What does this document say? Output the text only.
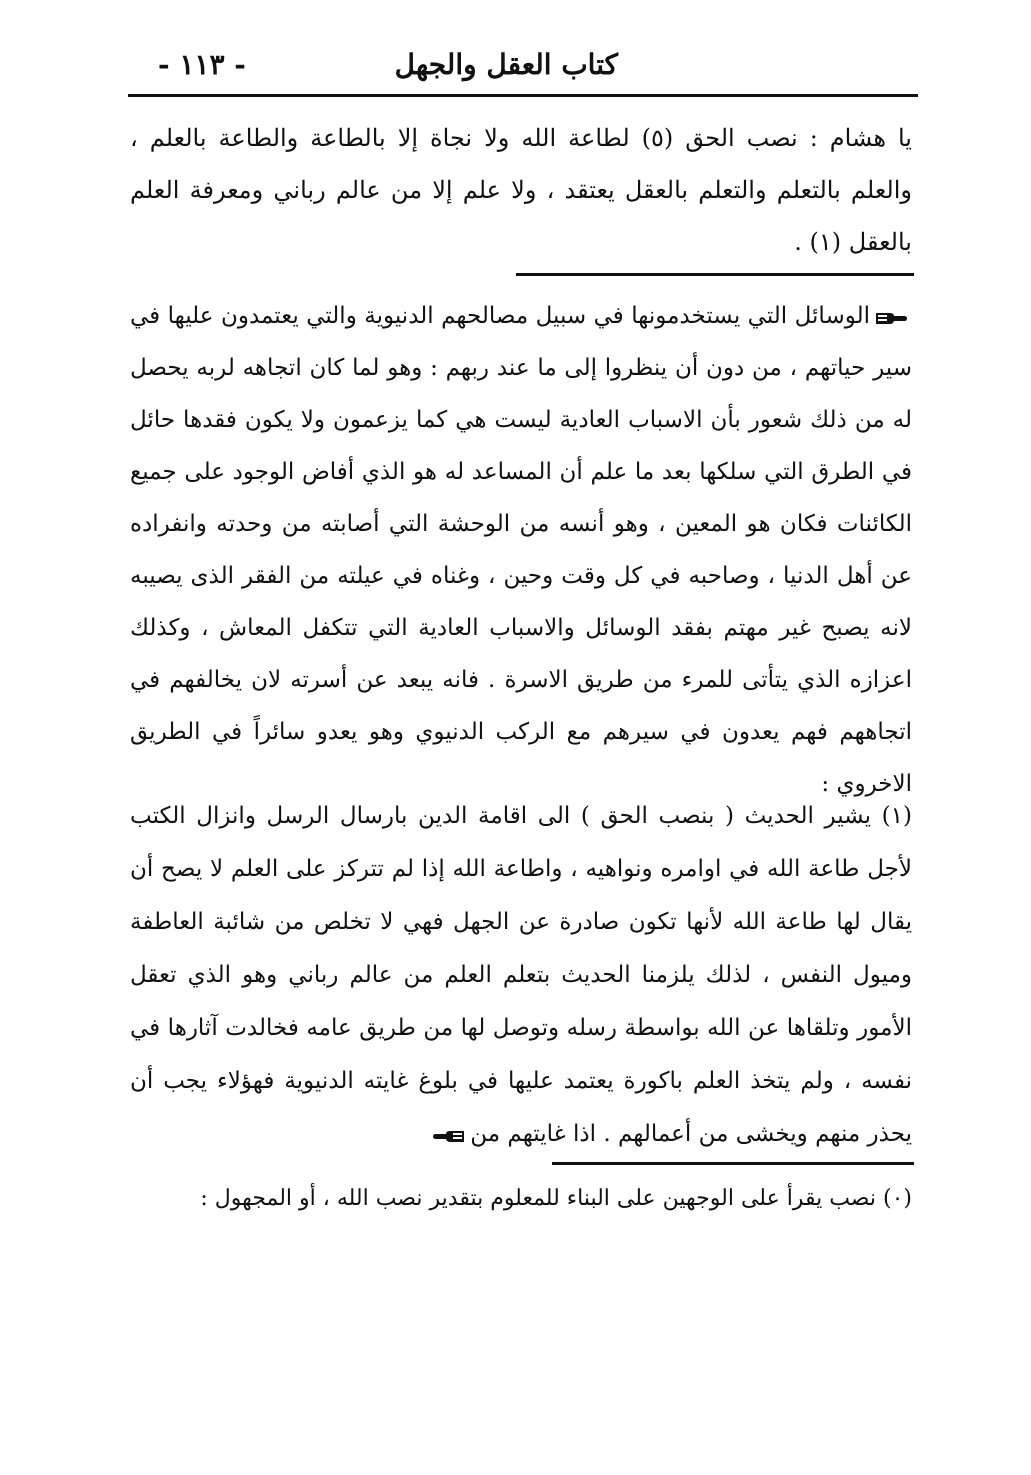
كتاب العقل والجهل
- ١١٣ -

يا هشام : نصب الحق (٥) لطاعة الله ولا نجاة إلا بالطاعة والطاعة بالعلم ، والعلم بالتعلم والتعلم بالعقل يعتقد ، ولا علم إلا من عالم رباني ومعرفة العلم بالعقل (١) .

الوسائل التي يستخدمونها في سبيل مصالحهم الدنيوية والتي يعتمدون عليها في سير حياتهم ، من دون أن ينظروا إلى ما عند ربهم : وهو لما كان اتجاهه لربه يحصل له من ذلك شعور بأن الاسباب العادية ليست هي كما يزعمون ولا يكون فقدها حائل في الطرق التي سلكها بعد ما علم أن المساعد له هو الذي أفاض الوجود على جميع الكائنات فكان هو المعين ، وهو أنسه من الوحشة التي أصابته من وحدته وانفراده عن أهل الدنيا ، وصاحبه في كل وقت وحين ، وغناه في عيلته من الفقر الذى يصيبه لانه يصبح غير مهتم بفقد الوسائل والاسباب العادية التي تتكفل المعاش ، وكذلك اعزازه الذي يتأتى للمرء من طريق الاسرة . فانه يبعد عن أسرته لان يخالفهم في اتجاههم فهم يعدون في سيرهم مع الركب الدنيوي وهو يعدو سائراً في الطريق الاخروي :

(١) يشير الحديث ( بنصب الحق ) الى اقامة الدين بارسال الرسل وانزال الكتب لأجل طاعة الله في اوامره ونواهيه ، واطاعة الله إذا لم تتركز على العلم لا يصح أن يقال لها طاعة الله لأنها تكون صادرة عن الجهل فهي لا تخلص من شائبة العاطفة وميول النفس ، لذلك يلزمنا الحديث بتعلم العلم من عالم رباني وهو الذي تعقل الأمور وتلقاها عن الله بواسطة رسله وتوصل لها من طريق عامه فخالدت آثارها في نفسه ، ولم يتخذ العلم باكورة يعتمد عليها في بلوغ غايته الدنيوية فهؤلاء يجب أن يحذر منهم ويخشى من أعمالهم . اذا غايتهم من

(٠) نصب يقرأ على الوجهين على البناء للمعلوم بتقدير نصب الله ، أو المجهول :
